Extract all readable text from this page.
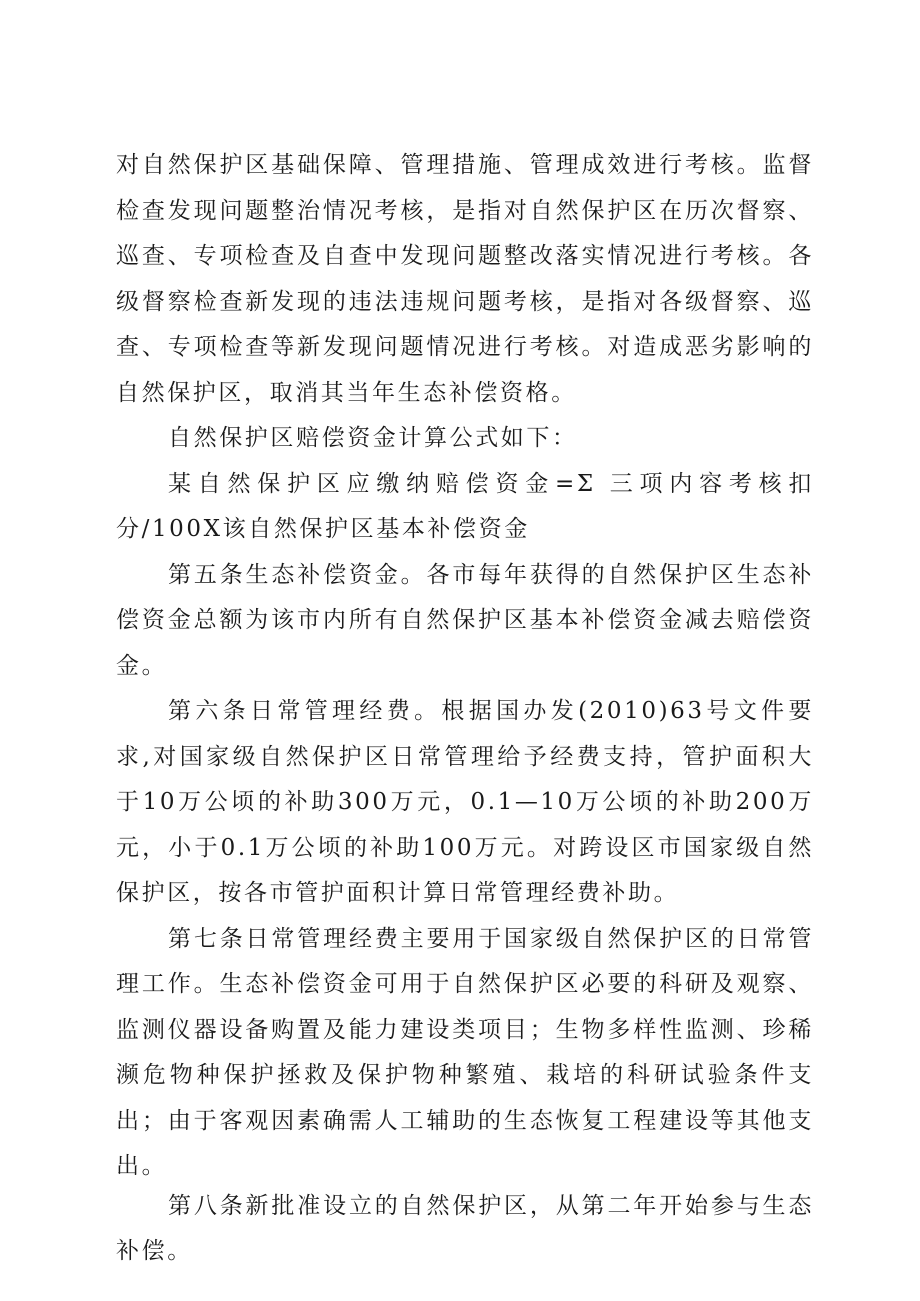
对自然保护区基础保障、管理措施、管理成效进行考核。监督检查发现问题整治情况考核，是指对自然保护区在历次督察、巡查、专项检查及自查中发现问题整改落实情况进行考核。各级督察检查新发现的违法违规问题考核，是指对各级督察、巡查、专项检查等新发现问题情况进行考核。对造成恶劣影响的自然保护区，取消其当年生态补偿资格。

自然保护区赔偿资金计算公式如下：

某自然保护区应缴纳赔偿资金=Σ 三项内容考核扣分/100X该自然保护区基本补偿资金

第五条生态补偿资金。各市每年获得的自然保护区生态补偿资金总额为该市内所有自然保护区基本补偿资金减去赔偿资金。

第六条日常管理经费。根据国办发(2010)63号文件要求,对国家级自然保护区日常管理给予经费支持，管护面积大于10万公顷的补助300万元，0.1—10万公顷的补助200万元，小于0.1万公顷的补助100万元。对跨设区市国家级自然保护区，按各市管护面积计算日常管理经费补助。

第七条日常管理经费主要用于国家级自然保护区的日常管理工作。生态补偿资金可用于自然保护区必要的科研及观察、监测仪器设备购置及能力建设类项目；生物多样性监测、珍稀濒危物种保护拯救及保护物种繁殖、栽培的科研试验条件支出；由于客观因素确需人工辅助的生态恢复工程建设等其他支出。

第八条新批准设立的自然保护区，从第二年开始参与生态补偿。
